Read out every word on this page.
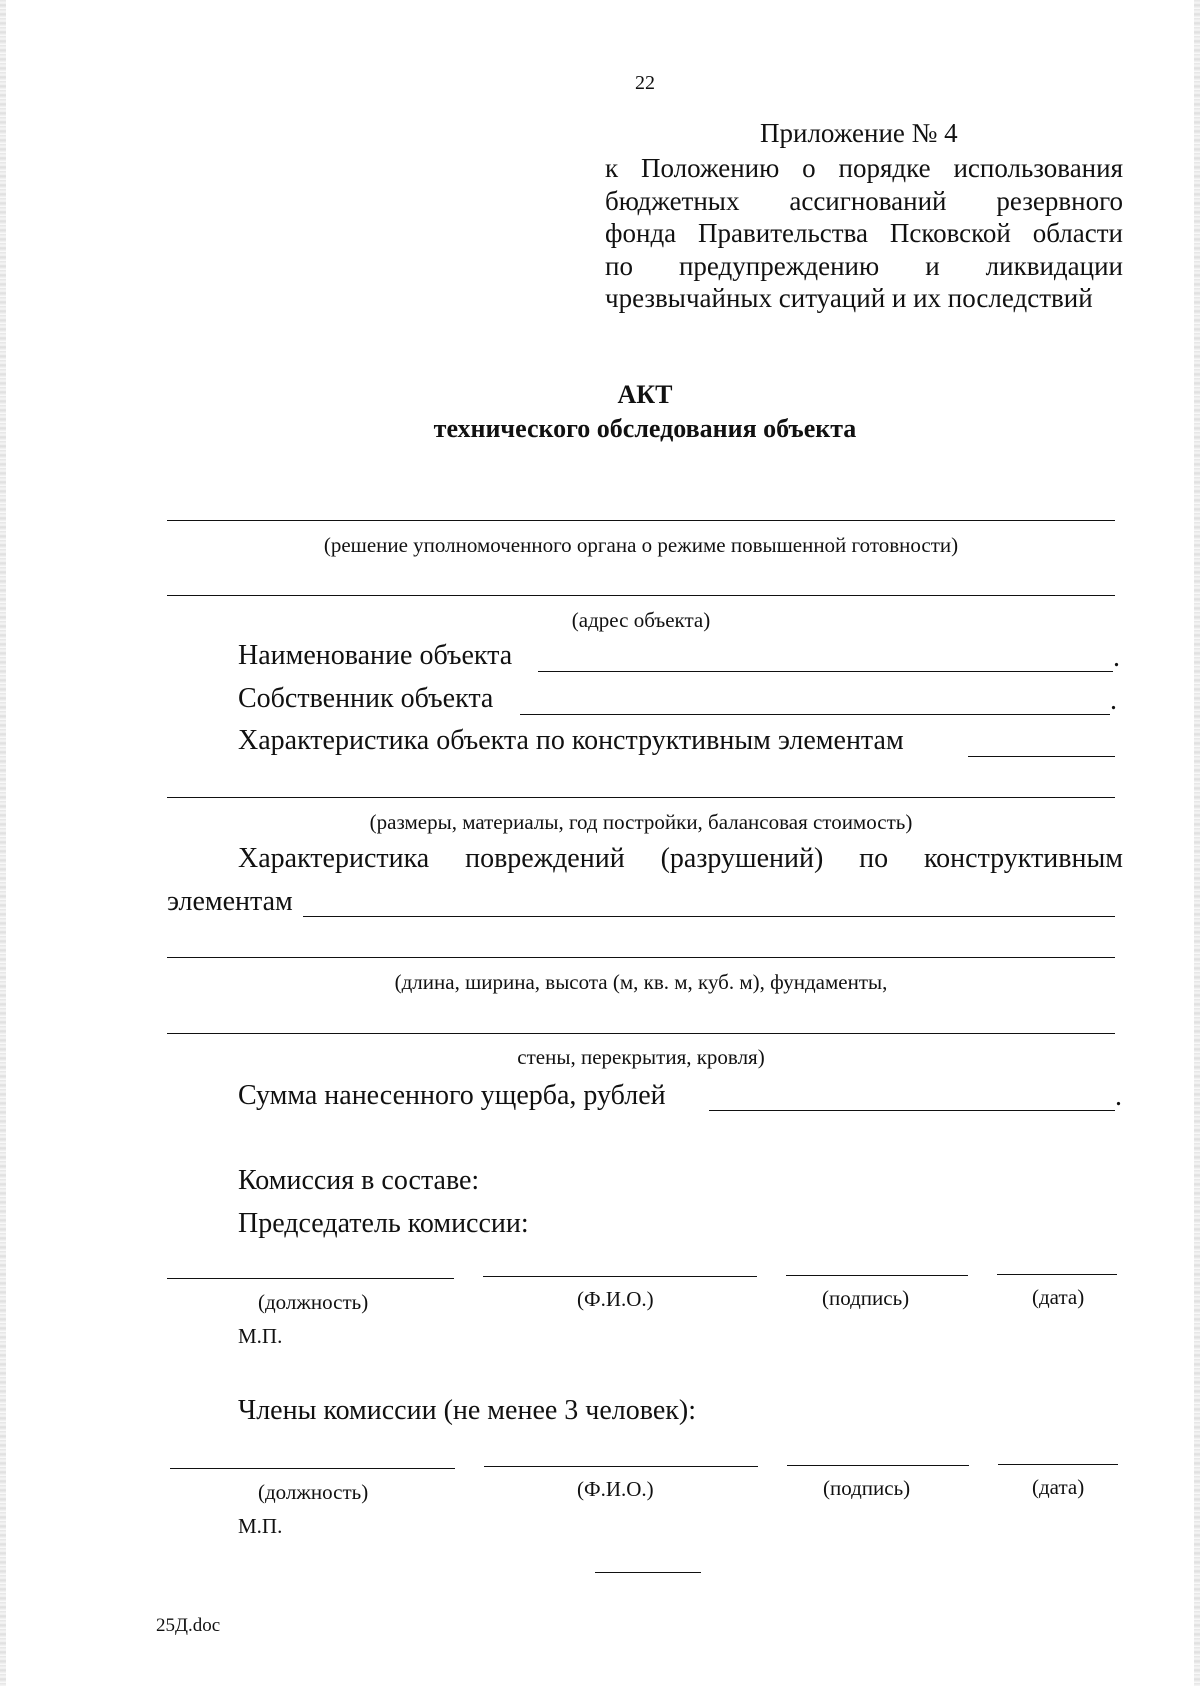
22
Приложение № 4
к Положению о порядке использования
бюджетных ассигнований резервного
фонда Правительства Псковской области
по предупреждению и ликвидации
чрезвычайных ситуаций и их последствий
АКТ
технического обследования объекта
(решение уполномоченного органа о режиме повышенной готовности)
(адрес объекта)
Наименование объекта	.
Собственник объекта	.
Характеристика объекта по конструктивным элементам
(размеры, материалы, год постройки, балансовая стоимость)
Характеристика повреждений (разрушений) по конструктивным
элементам
(длина, ширина, высота (м, кв. м, куб. м), фундаменты,
стены, перекрытия, кровля)
Сумма нанесенного ущерба, рублей	.
Комиссия в составе:
Председатель комиссии:
(должность)	(Ф.И.О.)	(подпись)	(дата)
М.П.
Члены комиссии (не менее 3 человек):
(должность)	(Ф.И.О.)	(подпись)	(дата)
М.П.
25Д.doc
